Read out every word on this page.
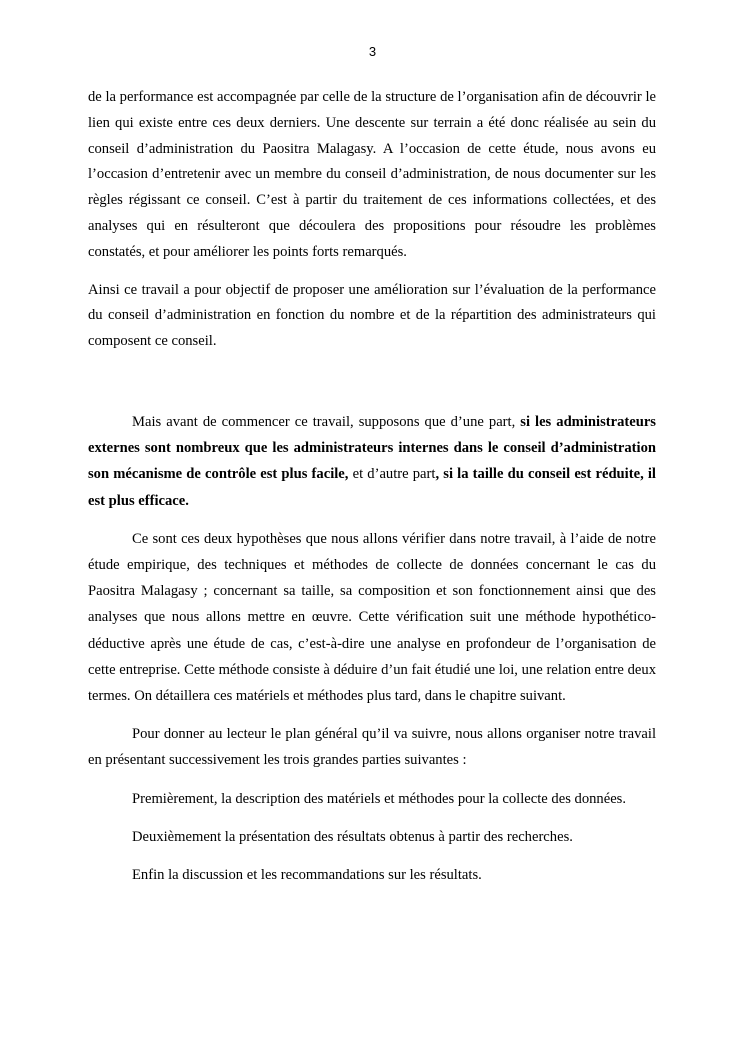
3

de la performance est accompagnée par celle de la structure de l’organisation afin de découvrir le lien qui existe entre ces deux derniers. Une descente sur terrain a été donc réalisée au sein du conseil d’administration du Paositra Malagasy. A l’occasion de cette étude, nous avons eu l’occasion d’entretenir avec un membre du conseil d’administration, de nous documenter sur les règles régissant ce conseil. C’est à partir du traitement de ces informations collectées, et des analyses qui en résulteront que découlera des propositions pour résoudre les problèmes constatés, et pour améliorer les points forts remarqués.

Ainsi ce travail a pour objectif de proposer une amélioration sur l’évaluation de la performance du conseil d’administration en fonction du nombre et de la répartition des administrateurs qui composent ce conseil.

Mais avant de commencer ce travail, supposons que d’une part, si les administrateurs externes sont nombreux que les administrateurs internes dans le conseil d’administration son mécanisme de contrôle est plus facile, et d’autre part, si la taille du conseil est réduite, il est plus efficace.

Ce sont ces deux hypothèses que nous allons vérifier dans notre travail, à l’aide de notre étude empirique, des techniques et méthodes de collecte de données concernant le cas du Paositra Malagasy ; concernant sa taille, sa composition et son fonctionnement ainsi que des analyses que nous allons mettre en œuvre. Cette vérification suit une méthode hypothético-déductive après une étude de cas, c’est-à-dire une analyse en profondeur de l’organisation de cette entreprise. Cette méthode consiste à déduire d’un fait étudié une loi, une relation entre deux termes. On détaillera ces matériels et méthodes plus tard, dans le chapitre suivant.

Pour donner au lecteur le plan général qu’il va suivre, nous allons organiser notre travail en présentant successivement les trois grandes parties suivantes :

Premièrement, la description des matériels et méthodes pour la collecte des données.

Deuxièmement la présentation des résultats obtenus à partir des recherches.

Enfin la discussion et les recommandations sur les résultats.
